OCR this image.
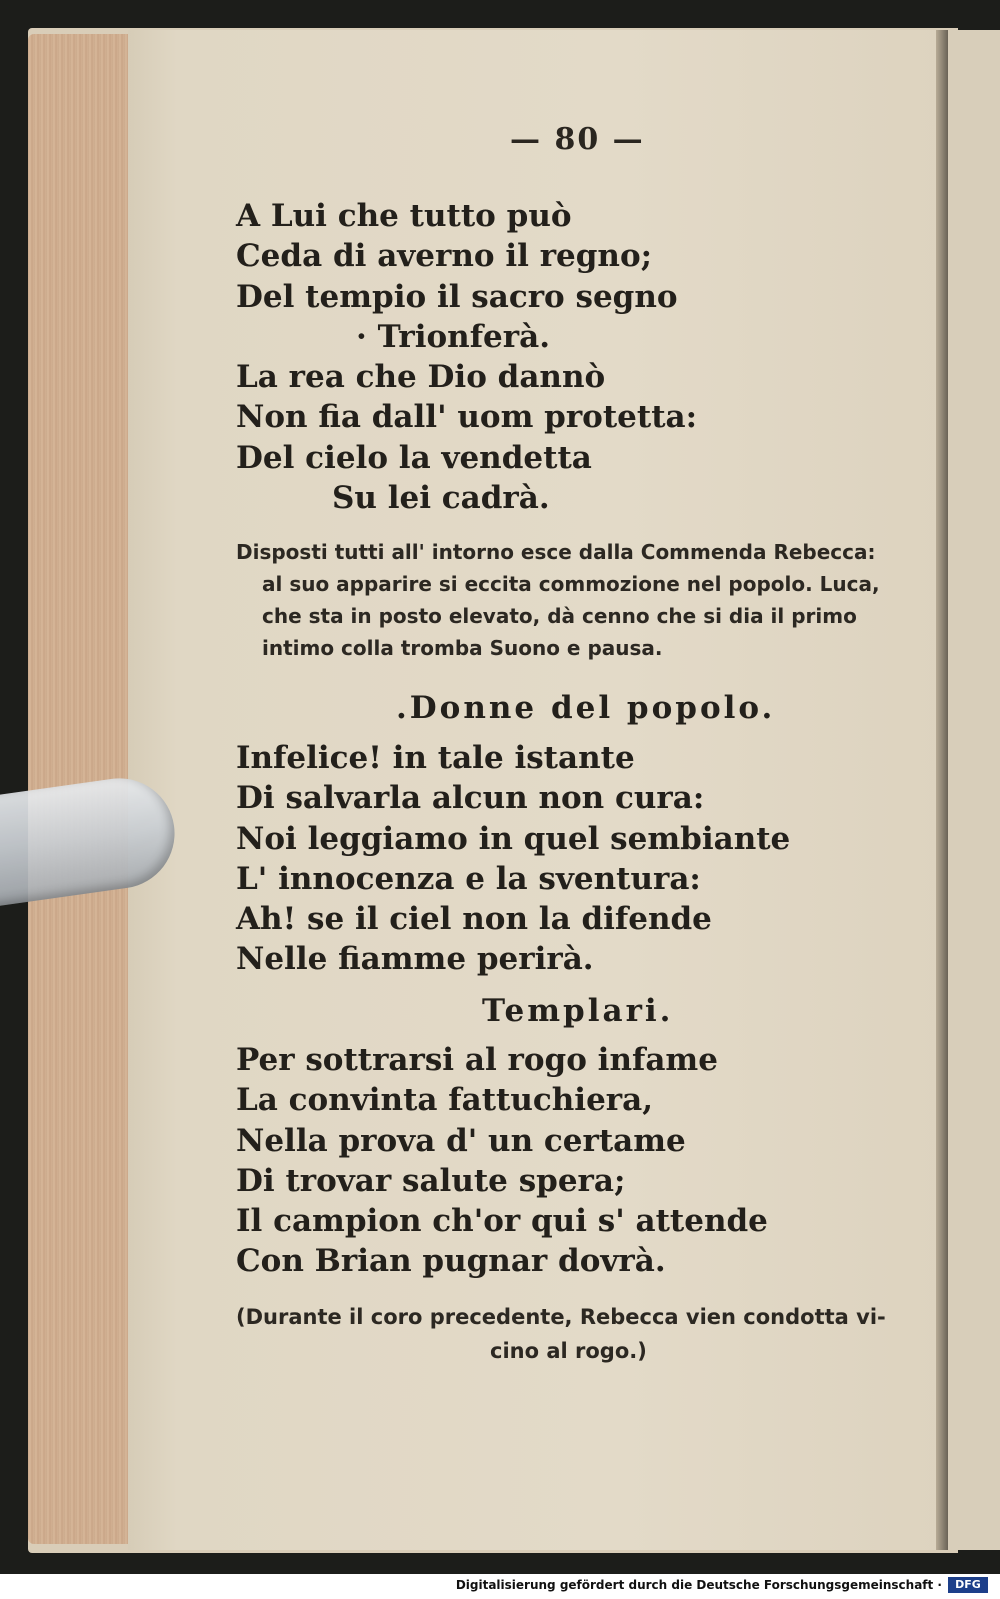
— 80 —
A Lui che tutto può
Ceda di averno il regno;
Del tempio il sacro segno
· Trionferà.
La rea che Dio dannò
Non fia dall' uom protetta:
Del cielo la vendetta
Su lei cadrà.
Disposti tutti all' intorno esce dalla Commenda Rebecca:
al suo apparire si eccita commozione nel popolo. Luca,
che sta in posto elevato, dà cenno che si dia il primo
intimo colla tromba Suono e pausa.
.Donne del popolo.
Infelice! in tale istante
Di salvarla alcun non cura:
Noi leggiamo in quel sembiante
L' innocenza e la sventura:
Ah! se il ciel non la difende
Nelle fiamme perirà.
Templari.
Per sottrarsi al rogo infame
La convinta fattuchiera,
Nella prova d' un certame
Di trovar salute spera;
Il campion ch'or qui s' attende
Con Brian pugnar dovrà.
(Durante il coro precedente, Rebecca vien condotta vi-
cino al rogo.)
Digitalisierung gefördert durch die Deutsche Forschungsgemeinschaft ·	DFG
